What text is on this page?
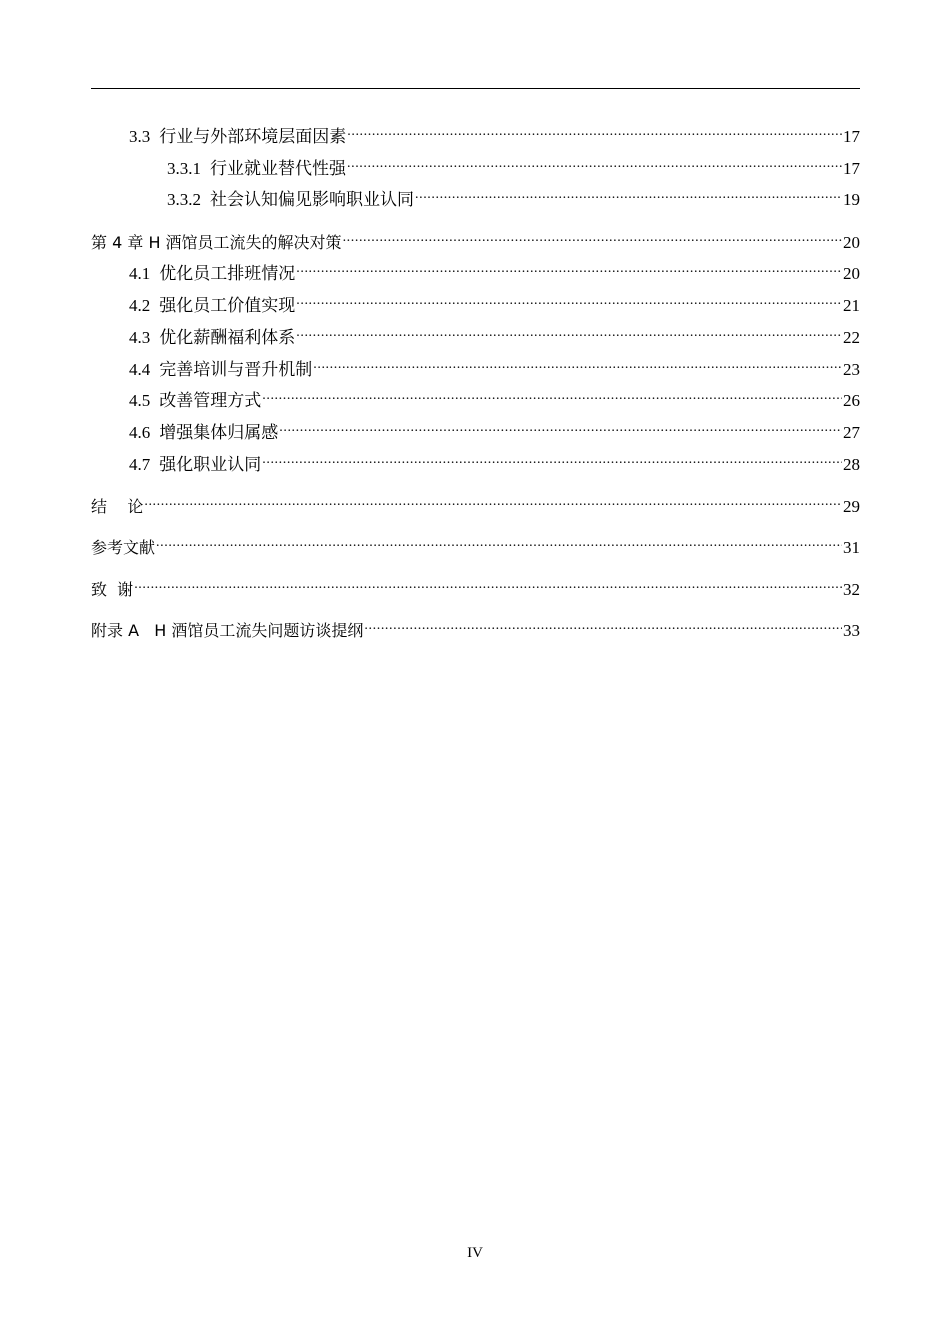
3.3 行业与外部环境层面因素 .....	17
3.3.1 行业就业替代性强 .....	17
3.3.2 社会认知偏见影响职业认同 .....	19
第 4 章 H 酒馆员工流失的解决对策 .....	20
4.1 优化员工排班情况 .....	20
4.2 强化员工价值实现 .....	21
4.3 优化薪酬福利体系 .....	22
4.4 完善培训与晋升机制 .....	23
4.5 改善管理方式 .....	26
4.6 增强集体归属感 .....	27
4.7 强化职业认同 .....	28
结    论 .....	29
参考文献 .....	31
致  谢 .....	32
附录 A   H 酒馆员工流失问题访谈提纲 .....	33
IV
